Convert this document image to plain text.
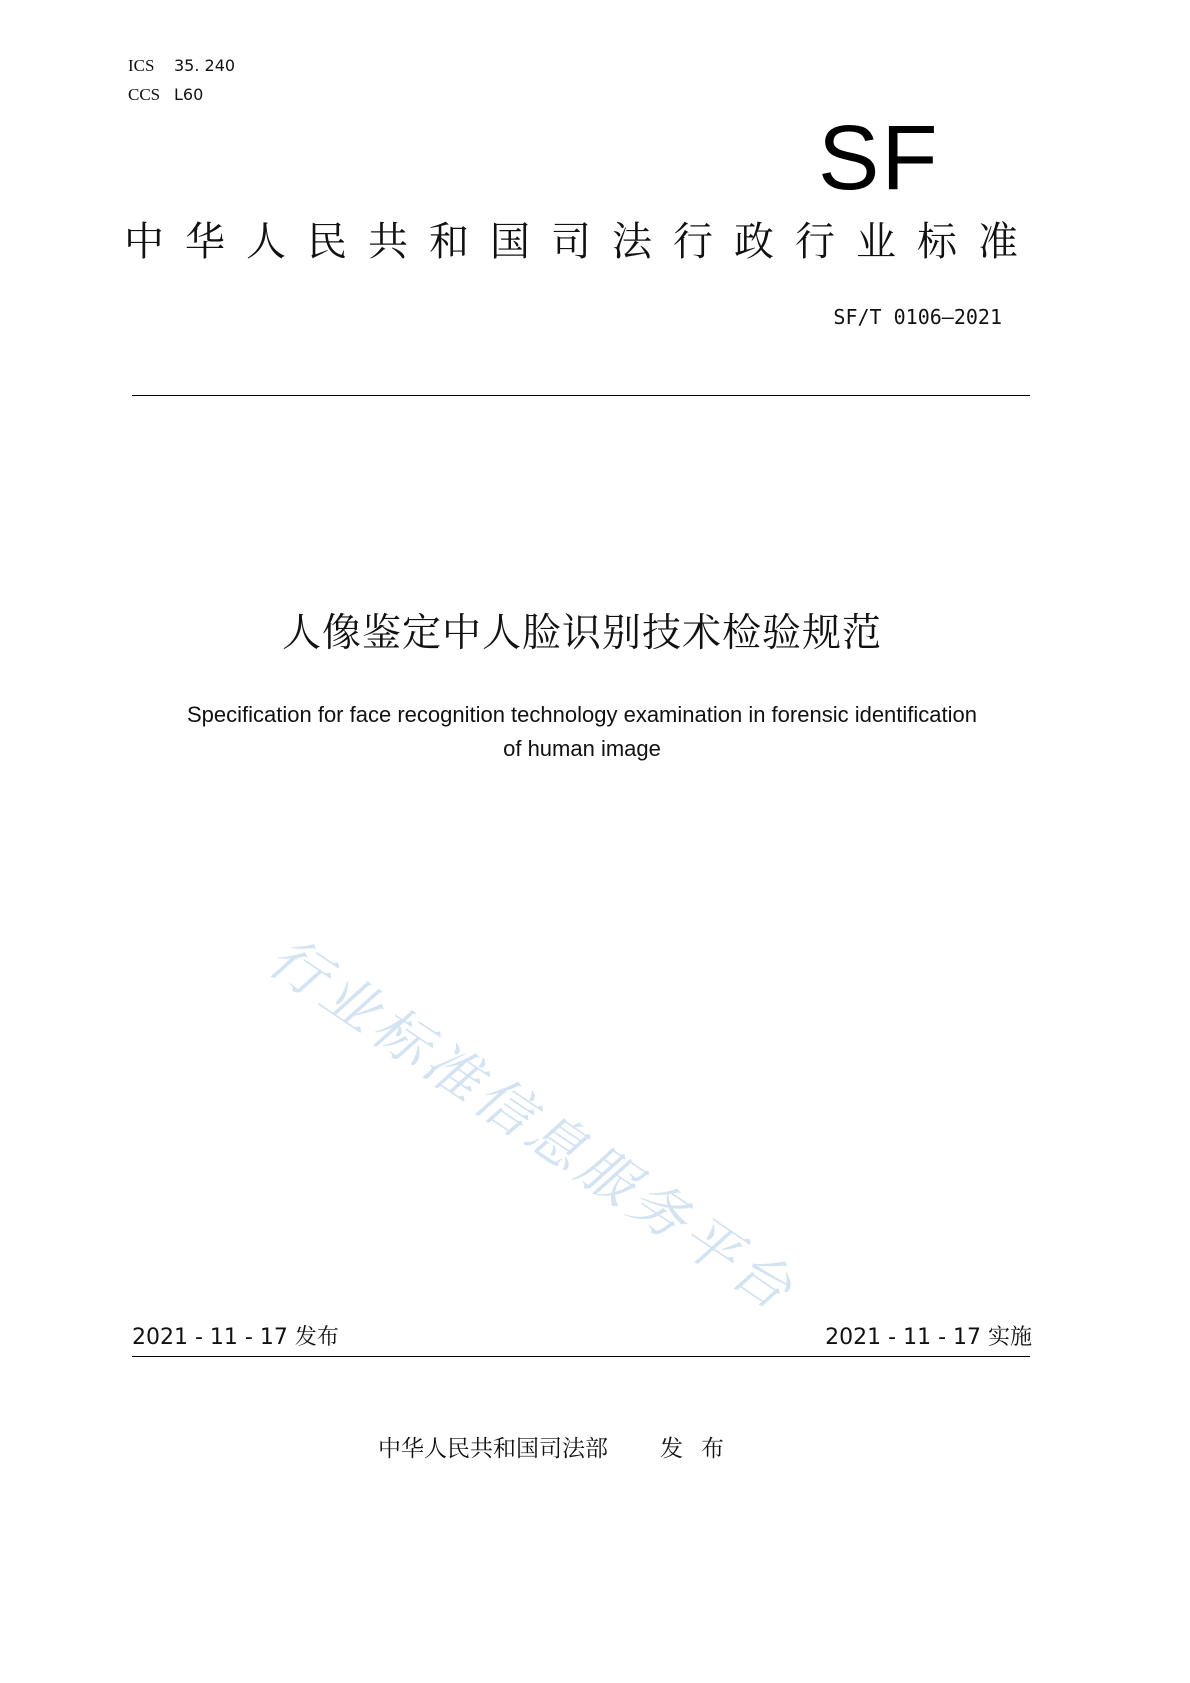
ICS 35. 240
CCS L60
SF
中华人民共和国司法行政行业标准
SF/T 0106—2021
人像鉴定中人脸识别技术检验规范
Specification for face recognition technology examination in forensic identification
of human image
行业标准信息服务平台
2021 - 11 - 17 发布	2021 - 11 - 17 实施
中华人民共和国司法部 发布
